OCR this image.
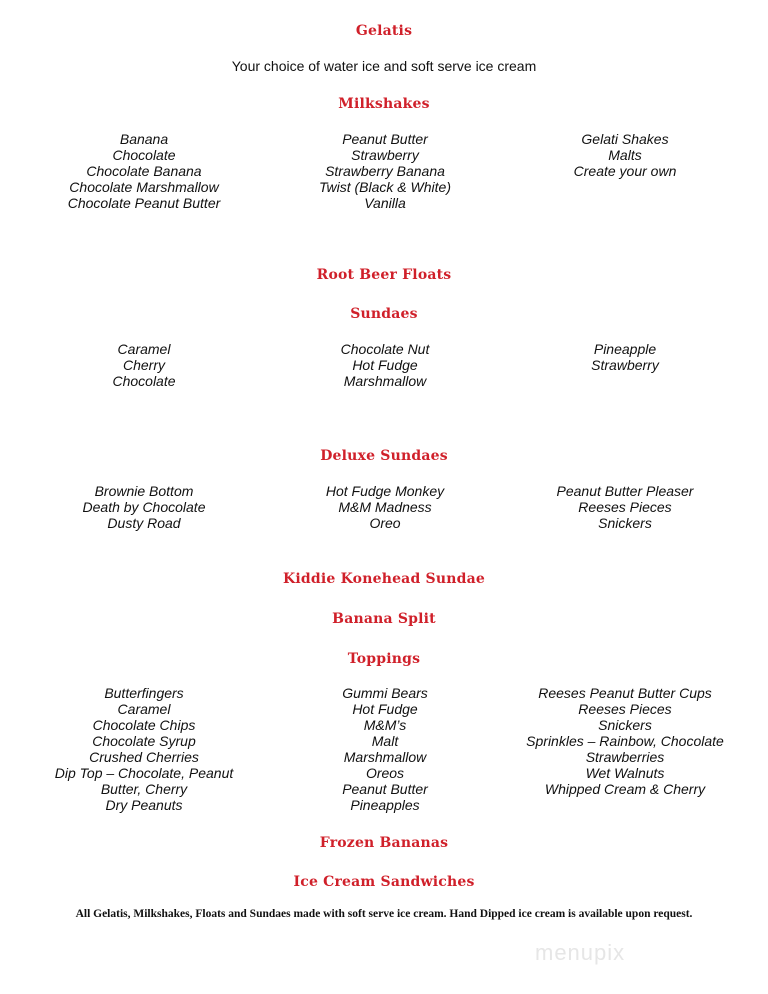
Gelatis
Your choice of water ice and soft serve ice cream
Milkshakes
Banana
Chocolate
Chocolate Banana
Chocolate Marshmallow
Chocolate Peanut Butter
Peanut Butter
Strawberry
Strawberry Banana
Twist (Black & White)
Vanilla
Gelati Shakes
Malts
Create your own
Root Beer Floats
Sundaes
Caramel
Cherry
Chocolate
Chocolate Nut
Hot Fudge
Marshmallow
Pineapple
Strawberry
Deluxe Sundaes
Brownie Bottom
Death by Chocolate
Dusty Road
Hot Fudge Monkey
M&M Madness
Oreo
Peanut Butter Pleaser
Reeses Pieces
Snickers
Kiddie Konehead Sundae
Banana Split
Toppings
Butterfingers
Caramel
Chocolate Chips
Chocolate Syrup
Crushed Cherries
Dip Top – Chocolate, Peanut
Butter, Cherry
Dry Peanuts
Gummi Bears
Hot Fudge
M&M’s
Malt
Marshmallow
Oreos
Peanut Butter
Pineapples
Reeses Peanut Butter Cups
Reeses Pieces
Snickers
Sprinkles – Rainbow, Chocolate
Strawberries
Wet Walnuts
Whipped Cream & Cherry
Frozen Bananas
Ice Cream Sandwiches
All Gelatis, Milkshakes, Floats and Sundaes made with soft serve ice cream. Hand Dipped ice cream is available upon request.
menupix
